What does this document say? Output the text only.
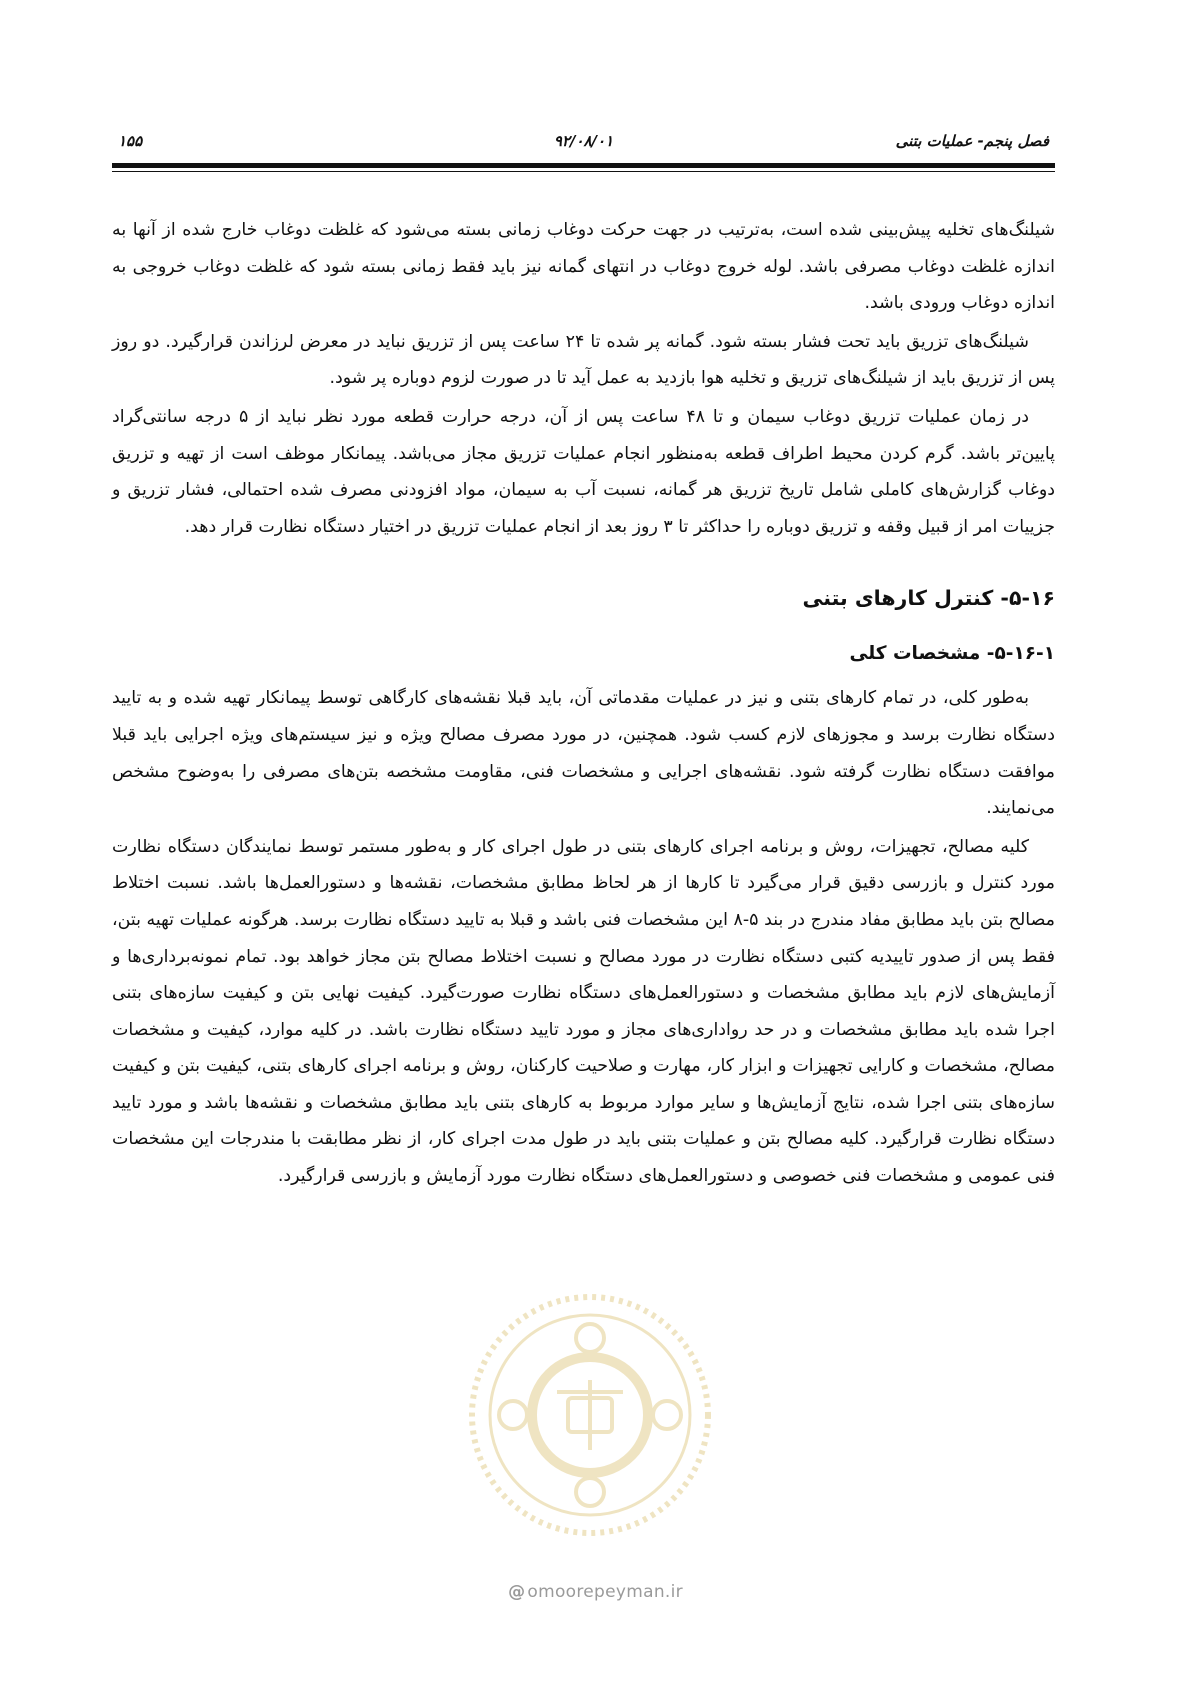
فصل پنجم- عملیات بتنی
۹۲/۰۸/۰۱
۱۵۵

شیلنگ‌های تخلیه پیش‌بینی شده است، به‌ترتیب در جهت حرکت دوغاب زمانی بسته می‌شود که غلظت دوغاب خارج شده از آنها به اندازه غلظت دوغاب مصرفی باشد. لوله خروج دوغاب در انتهای گمانه نیز باید فقط زمانی بسته شود که غلظت دوغاب خروجی به اندازه دوغاب ورودی باشد.

شیلنگ‌های تزریق باید تحت فشار بسته شود. گمانه پر شده تا ۲۴ ساعت پس از تزریق نباید در معرض لرزاندن قرارگیرد. دو روز پس از تزریق باید از شیلنگ‌های تزریق و تخلیه هوا بازدید به عمل آید تا در صورت لزوم دوباره پر شود.

در زمان عملیات تزریق دوغاب سیمان و تا ۴۸ ساعت پس از آن، درجه حرارت قطعه مورد نظر نباید از ۵ درجه سانتی‌گراد پایین‌تر باشد. گرم کردن محیط اطراف قطعه به‌منظور انجام عملیات تزریق مجاز می‌باشد. پیمانکار موظف است از تهیه و تزریق دوغاب گزارش‌های کاملی شامل تاریخ تزریق هر گمانه، نسبت آب به سیمان، مواد افزودنی مصرف شده احتمالی، فشار تزریق و جزییات امر از قبیل وقفه و تزریق دوباره را حداکثر تا ۳ روز بعد از انجام عملیات تزریق در اختیار دستگاه نظارت قرار دهد.

۵-۱۶- کنترل کارهای بتنی
۵-۱۶-۱- مشخصات کلی

به‌طور کلی، در تمام کارهای بتنی و نیز در عملیات مقدماتی آن، باید قبلا نقشه‌های کارگاهی توسط پیمانکار تهیه شده و به تایید دستگاه نظارت برسد و مجوزهای لازم کسب شود. همچنین، در مورد مصرف مصالح ویژه و نیز سیستم‌های ویژه اجرایی باید قبلا موافقت دستگاه نظارت گرفته شود. نقشه‌های اجرایی و مشخصات فنی، مقاومت مشخصه بتن‌های مصرفی را به‌وضوح مشخص می‌نمایند.

کلیه مصالح، تجهیزات، روش و برنامه اجرای کارهای بتنی در طول اجرای کار و به‌طور مستمر توسط نمایندگان دستگاه نظارت مورد کنترل و بازرسی دقیق قرار می‌گیرد تا کارها از هر لحاظ مطابق مشخصات، نقشه‌ها و دستورالعمل‌ها باشد. نسبت اختلاط مصالح بتن باید مطابق مفاد مندرج در بند ۵-۸ این مشخصات فنی باشد و قبلا به تایید دستگاه نظارت برسد. هرگونه عملیات تهیه بتن، فقط پس از صدور تاییدیه کتبی دستگاه نظارت در مورد مصالح و نسبت اختلاط مصالح بتن مجاز خواهد بود. تمام نمونه‌برداری‌ها و آزمایش‌های لازم باید مطابق مشخصات و دستورالعمل‌های دستگاه نظارت صورت‌گیرد. کیفیت نهایی بتن و کیفیت سازه‌های بتنی اجرا شده باید مطابق مشخصات و در حد رواداری‌های مجاز و مورد تایید دستگاه نظارت باشد. در کلیه موارد، کیفیت و مشخصات مصالح، مشخصات و کارایی تجهیزات و ابزار کار، مهارت و صلاحیت کارکنان، روش و برنامه اجرای کارهای بتنی، کیفیت بتن و کیفیت سازه‌های بتنی اجرا شده، نتایج آزمایش‌ها و سایر موارد مربوط به کارهای بتنی باید مطابق مشخصات و نقشه‌ها باشد و مورد تایید دستگاه نظارت قرارگیرد. کلیه مصالح بتن و عملیات بتنی باید در طول مدت اجرای کار، از نظر مطابقت با مندرجات این مشخصات فنی عمومی و مشخصات فنی خصوصی و دستورالعمل‌های دستگاه نظارت مورد آزمایش و بازرسی قرارگیرد.

@ omoorepeyman.ir
